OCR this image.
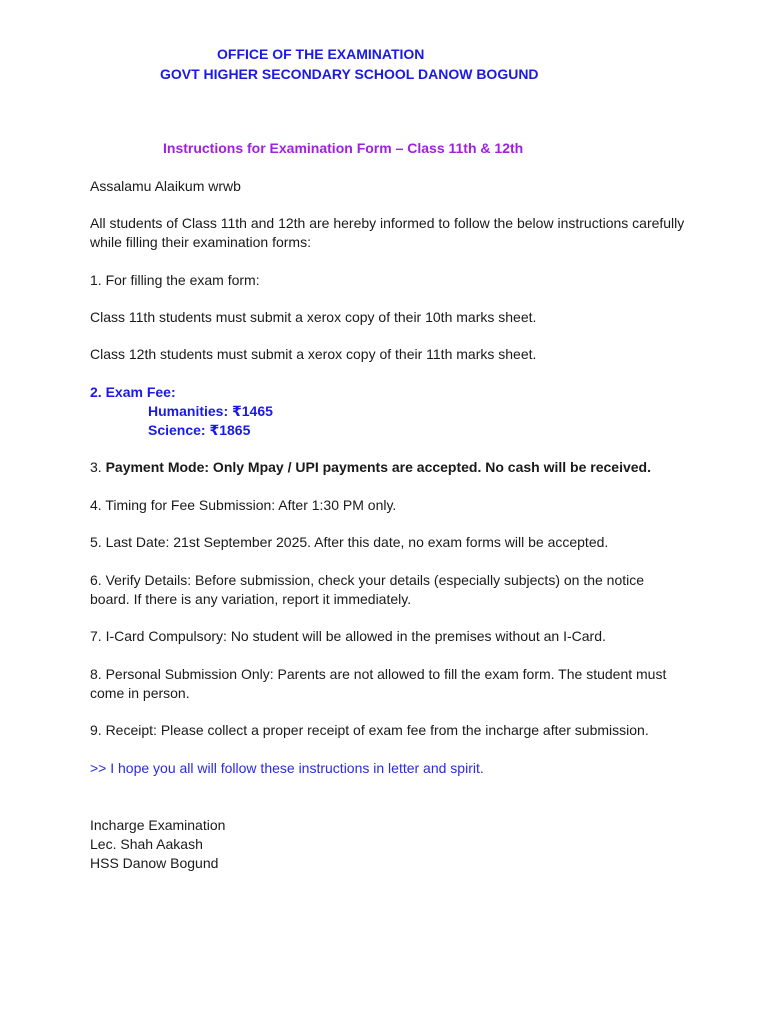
OFFICE OF THE EXAMINATION
GOVT HIGHER SECONDARY SCHOOL DANOW BOGUND
Instructions for Examination Form – Class 11th & 12th
Assalamu Alaikum wrwb
All students of Class 11th and 12th are hereby informed to follow the below instructions carefully
while filling their examination forms:
1. For filling the exam form:
Class 11th students must submit a xerox copy of their 10th marks sheet.
Class 12th students must submit a xerox copy of their 11th marks sheet.
2. Exam Fee:
Humanities: ₹1465
Science: ₹1865
3. Payment Mode: Only Mpay / UPI payments are accepted. No cash will be received.
4. Timing for Fee Submission: After 1:30 PM only.
5. Last Date: 21st September 2025. After this date, no exam forms will be accepted.
6. Verify Details: Before submission, check your details (especially subjects) on the notice
board. If there is any variation, report it immediately.
7. I-Card Compulsory: No student will be allowed in the premises without an I-Card.
8. Personal Submission Only: Parents are not allowed to fill the exam form. The student must
come in person.
9. Receipt: Please collect a proper receipt of exam fee from the incharge after submission.
>> I hope you all will follow these instructions in letter and spirit.
Incharge Examination
Lec. Shah Aakash
HSS Danow Bogund
